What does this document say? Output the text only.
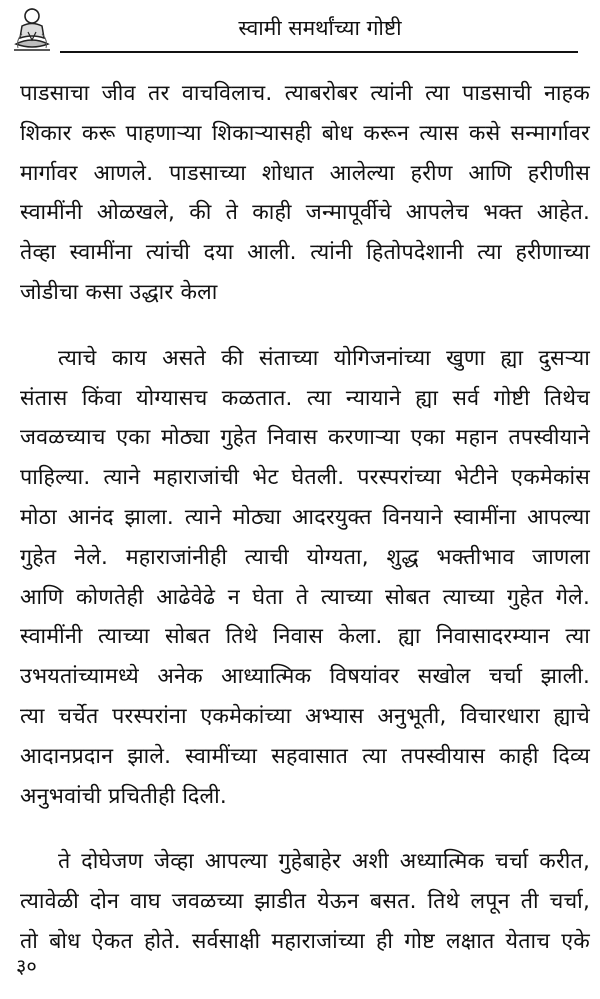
स्वामी समर्थांच्या गोष्टी
पाडसाचा जीव तर वाचविलाच. त्याबरोबर त्यांनी त्या पाडसाची नाहक
शिकार करू पाहणाऱ्या शिकाऱ्यासही बोध करून त्यास कसे सन्मार्गावर
मार्गावर आणले. पाडसाच्या शोधात आलेल्या हरीण आणि हरीणीस
स्वामींनी ओळखले, की ते काही जन्मापूर्वीचे आपलेच भक्त आहेत.
तेव्हा स्वामींना त्यांची दया आली. त्यांनी हितोपदेशानी त्या हरीणाच्या
जोडीचा कसा उद्धार केला
त्याचे काय असते की संताच्या योगिजनांच्या खुणा ह्या दुसऱ्या
संतास किंवा योग्यासच कळतात. त्या न्यायाने ह्या सर्व गोष्टी तिथेच
जवळच्याच एका मोठ्या गुहेत निवास करणाऱ्या एका महान तपस्वीयाने
पाहिल्या. त्याने महाराजांची भेट घेतली. परस्परांच्या भेटीने एकमेकांस
मोठा आनंद झाला. त्याने मोठ्या आदरयुक्त विनयाने स्वामींना आपल्या
गुहेत नेले. महाराजांनीही त्याची योग्यता, शुद्ध भक्तीभाव जाणला
आणि कोणतेही आढेवेढे न घेता ते त्याच्या सोबत त्याच्या गुहेत गेले.
स्वामींनी त्याच्या सोबत तिथे निवास केला. ह्या निवासादरम्यान त्या
उभयतांच्यामध्ये अनेक आध्यात्मिक विषयांवर सखोल चर्चा झाली.
त्या चर्चेत परस्परांना एकमेकांच्या अभ्यास अनुभूती, विचारधारा ह्याचे
आदानप्रदान झाले. स्वामींच्या सहवासात त्या तपस्वीयास काही दिव्य
अनुभवांची प्रचितीही दिली.
ते दोघेजण जेव्हा आपल्या गुहेबाहेर अशी अध्यात्मिक चर्चा करीत,
त्यावेळी दोन वाघ जवळच्या झाडीत येऊन बसत. तिथे लपून ती चर्चा,
तो बोध ऐकत होते. सर्वसाक्षी महाराजांच्या ही गोष्ट लक्षात येताच एके
३०
